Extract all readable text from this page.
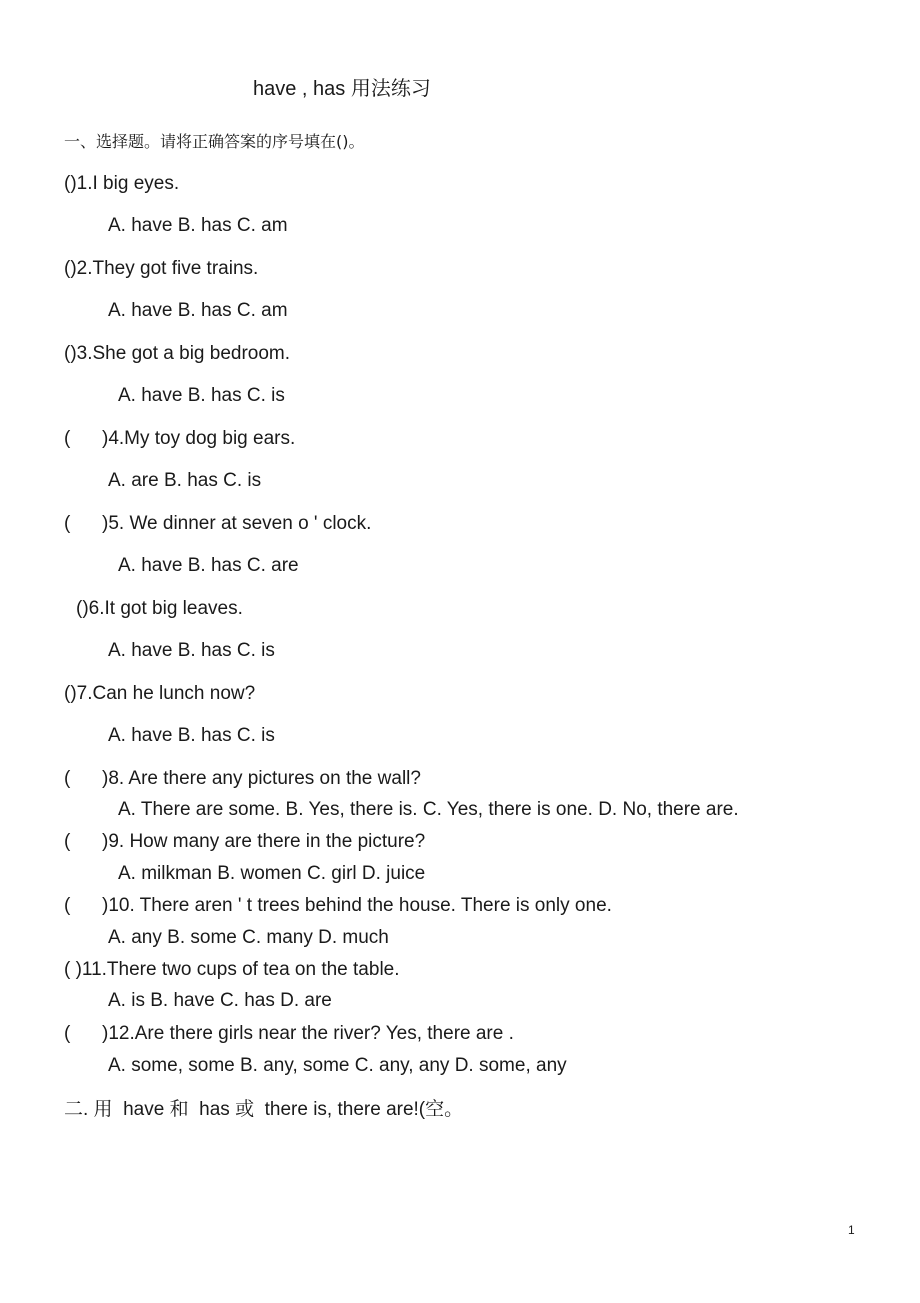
have , has 用法练习
一、选择题。请将正确答案的序号填在()。
()1.I big eyes.
A. have B. has C. am
()2.They got five trains.
A. have B. has C. am
()3.She got a big bedroom.
A. have B. has C. is
(      )4.My toy dog big ears.
A. are B. has C. is
(      )5. We dinner at seven o ' clock.
A. have B. has C. are
()6.It got big leaves.
A. have B. has C. is
()7.Can he lunch now?
A. have B. has C. is
(      )8. Are there any pictures on the wall?
A. There are some. B. Yes, there is. C. Yes, there is one. D. No, there are.
(      )9. How many are there in the picture?
A. milkman B. women C. girl D. juice
(      )10. There aren ' t trees behind the house. There is only one.
A. any B. some C. many D. much
( )11.There two cups of tea on the table.
A. is B. have C. has D. are
(      )12.Are there girls near the river? Yes, there are .
A. some, some B. any, some C. any, any D. some, any
二. 用  have 和  has 或  there is, there are!(空。
1
